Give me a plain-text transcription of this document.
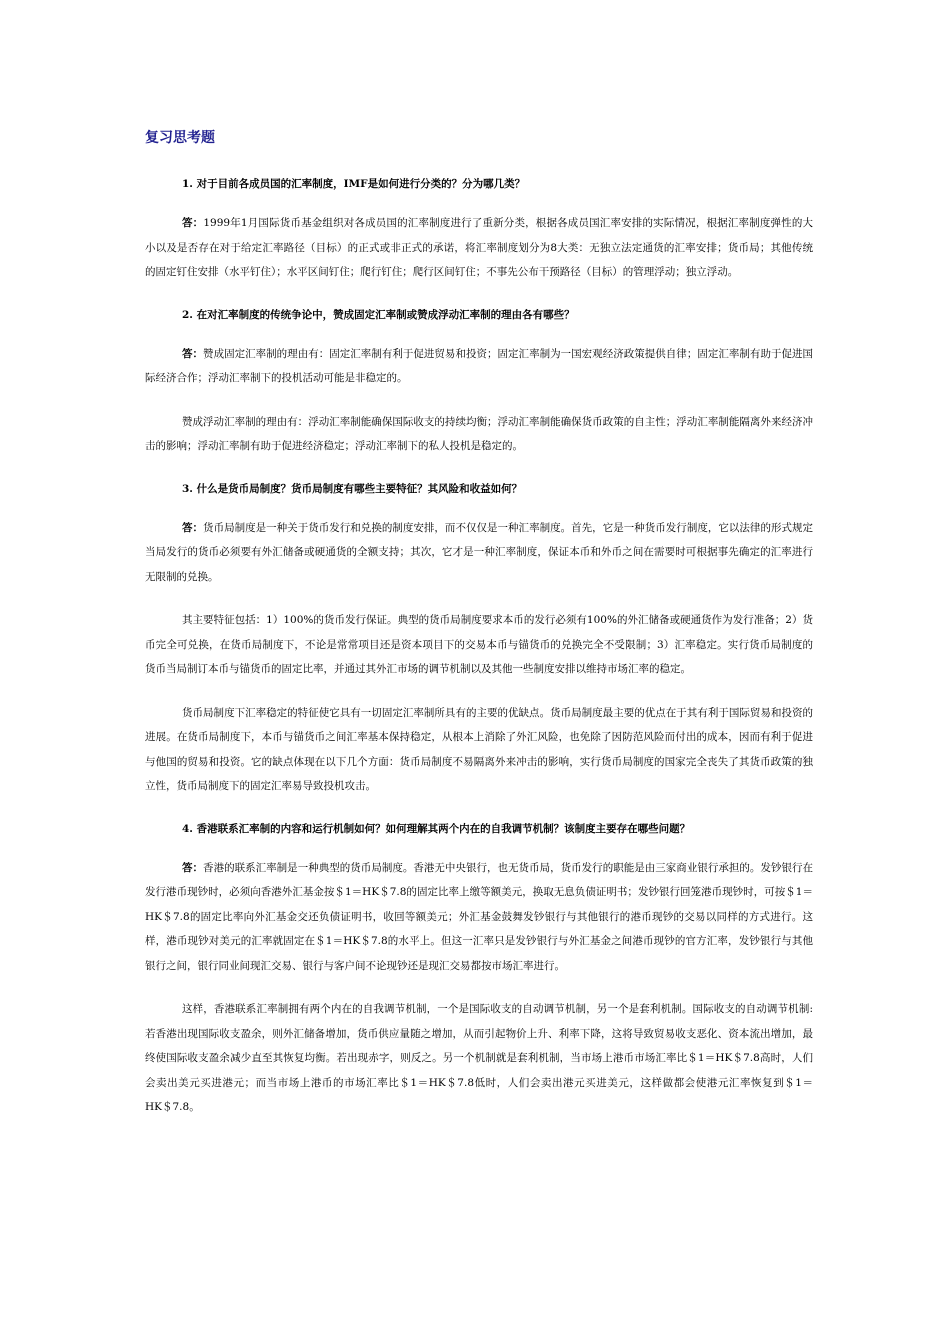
复习思考题
1. 对于目前各成员国的汇率制度，IMF是如何进行分类的？分为哪几类？
答：1999年1月国际货币基金组织对各成员国的汇率制度进行了重新分类，根据各成员国汇率安排的实际情况，根据汇率制度弹性的大小以及是否存在对于给定汇率路径（目标）的正式或非正式的承诺，将汇率制度划分为8大类：无独立法定通货的汇率安排；货币局；其他传统的固定钉住安排（水平钉住）；水平区间钉住；爬行钉住；爬行区间钉住；不事先公布干预路径（目标）的管理浮动；独立浮动。
2. 在对汇率制度的传统争论中，赞成固定汇率制或赞成浮动汇率制的理由各有哪些？
答：赞成固定汇率制的理由有：固定汇率制有利于促进贸易和投资；固定汇率制为一国宏观经济政策提供自律；固定汇率制有助于促进国际经济合作；浮动汇率制下的投机活动可能是非稳定的。
赞成浮动汇率制的理由有：浮动汇率制能确保国际收支的持续均衡；浮动汇率制能确保货币政策的自主性；浮动汇率制能隔离外来经济冲击的影响；浮动汇率制有助于促进经济稳定；浮动汇率制下的私人投机是稳定的。
3. 什么是货币局制度？货币局制度有哪些主要特征？其风险和收益如何？
答：货币局制度是一种关于货币发行和兑换的制度安排，而不仅仅是一种汇率制度。首先，它是一种货币发行制度，它以法律的形式规定当局发行的货币必须要有外汇储备或硬通货的全额支持；其次，它才是一种汇率制度，保证本币和外币之间在需要时可根据事先确定的汇率进行无限制的兑换。
其主要特征包括：1）100%的货币发行保证。典型的货币局制度要求本币的发行必须有100%的外汇储备或硬通货作为发行准备；2）货币完全可兑换，在货币局制度下，不论是常常项目还是资本项目下的交易本币与锚货币的兑换完全不受限制；3）汇率稳定。实行货币局制度的货币当局制订本币与锚货币的固定比率，并通过其外汇市场的调节机制以及其他一些制度安排以维持市场汇率的稳定。
货币局制度下汇率稳定的特征使它具有一切固定汇率制所具有的主要的优缺点。货币局制度最主要的优点在于其有利于国际贸易和投资的进展。在货币局制度下，本币与锚货币之间汇率基本保持稳定，从根本上消除了外汇风险，也免除了因防范风险而付出的成本，因而有利于促进与他国的贸易和投资。它的缺点体现在以下几个方面：货币局制度不易隔离外来冲击的影响，实行货币局制度的国家完全丧失了其货币政策的独立性，货币局制度下的固定汇率易导致投机攻击。
4. 香港联系汇率制的内容和运行机制如何？如何理解其两个内在的自我调节机制？该制度主要存在哪些问题？
答：香港的联系汇率制是一种典型的货币局制度。香港无中央银行，也无货币局，货币发行的职能是由三家商业银行承担的。发钞银行在发行港币现钞时，必须向香港外汇基金按＄1＝HK＄7.8的固定比率上缴等额美元，换取无息负债证明书；发钞银行回笼港币现钞时，可按＄1＝HK＄7.8的固定比率向外汇基金交还负债证明书，收回等额美元；外汇基金鼓舞发钞银行与其他银行的港币现钞的交易以同样的方式进行。这样，港币现钞对美元的汇率就固定在＄1＝HK＄7.8的水平上。但这一汇率只是发钞银行与外汇基金之间港币现钞的官方汇率，发钞银行与其他银行之间，银行同业间现汇交易、银行与客户间不论现钞还是现汇交易都按市场汇率进行。
这样，香港联系汇率制拥有两个内在的自我调节机制，一个是国际收支的自动调节机制，另一个是套利机制。国际收支的自动调节机制:若香港出现国际收支盈余，则外汇储备增加，货币供应量随之增加，从而引起物价上升、利率下降，这将导致贸易收支恶化、资本流出增加，最终使国际收支盈余减少直至其恢复均衡。若出现赤字，则反之。另一个机制就是套利机制，当市场上港币市场汇率比＄1＝HK＄7.8高时，人们会卖出美元买进港元；而当市场上港币的市场汇率比＄1＝HK＄7.8低时，人们会卖出港元买进美元，这样做都会使港元汇率恢复到＄1＝HK＄7.8。
